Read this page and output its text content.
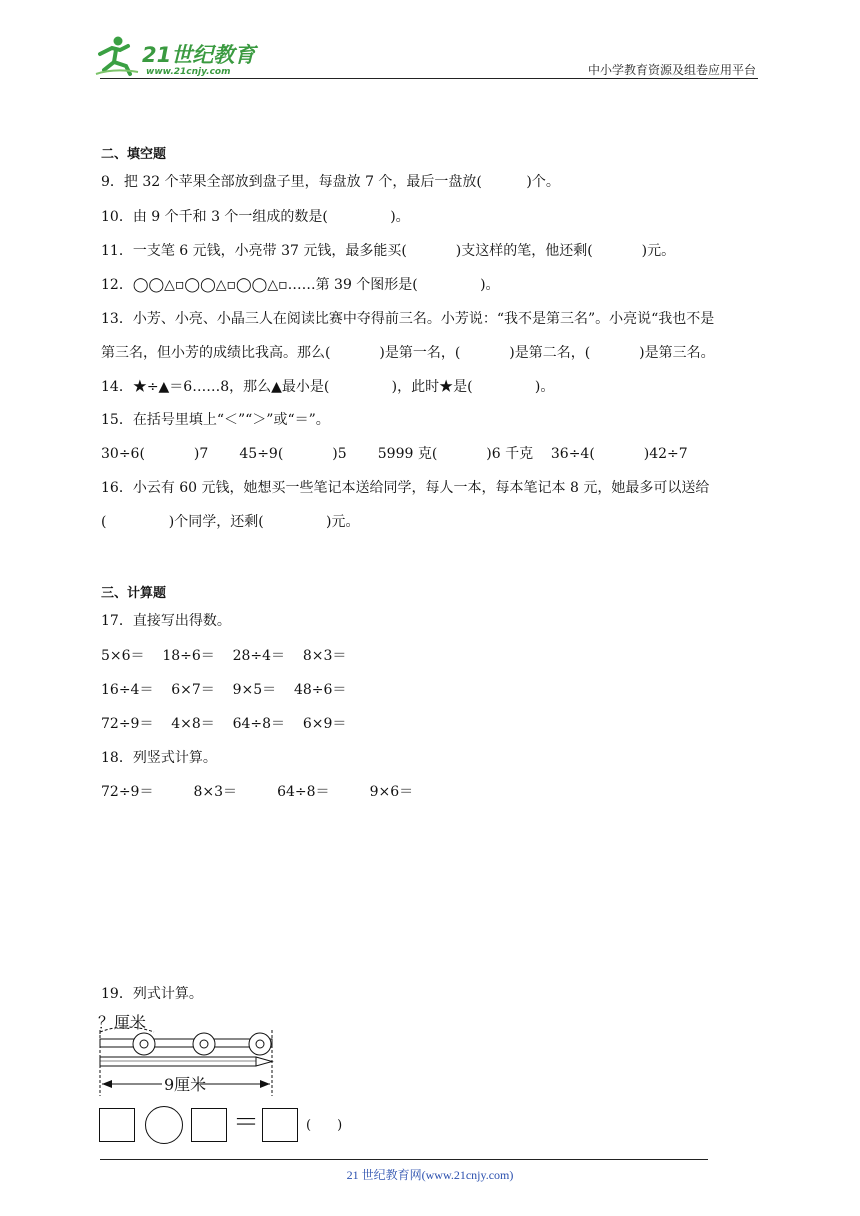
21世纪教育
www.21cnjy.com	中小学教育资源及组卷应用平台
二、填空题
9．把 32 个苹果全部放到盘子里，每盘放 7 个，最后一盘放(          )个。
10．由 9 个千和 3 个一组成的数是(              )。
11．一支笔 6 元钱，小亮带 37 元钱，最多能买(           )支这样的笔，他还剩(           )元。
12．◯◯△▫◯◯△▫◯◯△▫……第 39 个图形是(              )。
13．小芳、小亮、小晶三人在阅读比赛中夺得前三名。小芳说：“我不是第三名”。小亮说“我也不是
第三名，但小芳的成绩比我高。那么(           )是第一名，(           )是第二名，(           )是第三名。
14．★÷▲＝6……8，那么▲最小是(              )，此时★是(              )。
15．在括号里填上“＜”“＞”或“＝”。
30÷6(           )7       45÷9(           )5       5999 克(           )6 千克    36÷4(           )42÷7
16．小云有 60 元钱，她想买一些笔记本送给同学，每人一本，每本笔记本 8 元，她最多可以送给
(              )个同学，还剩(              )元。
三、计算题
17．直接写出得数。
5×6＝    18÷6＝    28÷4＝    8×3＝
16÷4＝    6×7＝    9×5＝    48÷6＝
72÷9＝    4×8＝    64÷8＝    6×9＝
18．列竖式计算。
72÷9＝         8×3＝         64÷8＝         9×6＝
19．列式计算。
？厘米
9厘米
＝	(　　)
21 世纪教育网(www.21cnjy.com)
